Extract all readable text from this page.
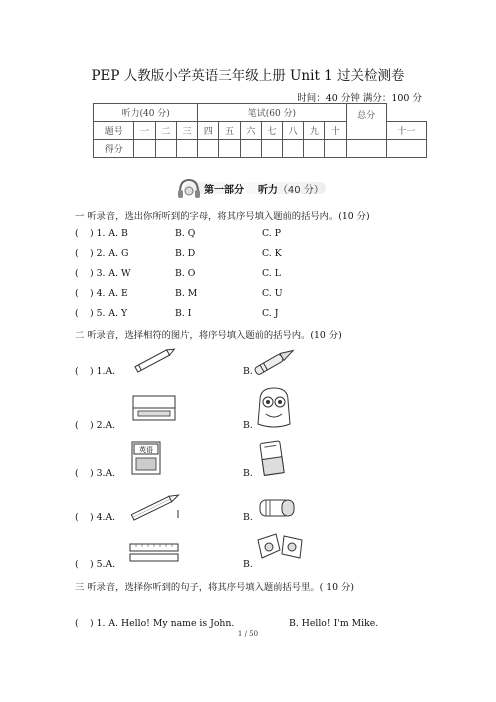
PEP 人教版小学英语三年级上册 Unit 1 过关检测卷
时间：40 分钟 满分：100 分
听力(40 分)				笔试(60 分)							总分	
题号	一	二	三	四	五	六	七	八	九	十		十一
得分												
第一部分 听力（40 分）
一 听录音，选出你所听到的字母，将其序号填入题前的括号内。(10 分)
( ) 1. A. B	B. Q	C. P
( ) 2. A. G	B. D	C. K
( ) 3. A. W	B. O	C. L
( ) 4. A. E	B. M	C. U
( ) 5. A. Y	B. I	C. J
二 听录音，选择相符的图片，将序号填入题前的括号内。(10 分)
( ) 1.A.	B.
( ) 2.A.	B.
( ) 3.A.	B.
英语
( ) 4.A.	B.
( ) 5.A.	B.
三 听录音，选择你听到的句子，将其序号填入题前括号里。( 10 分)
( ) 1. A. Hello! My name is John.	B. Hello! I'm Mike.
1 / 50
